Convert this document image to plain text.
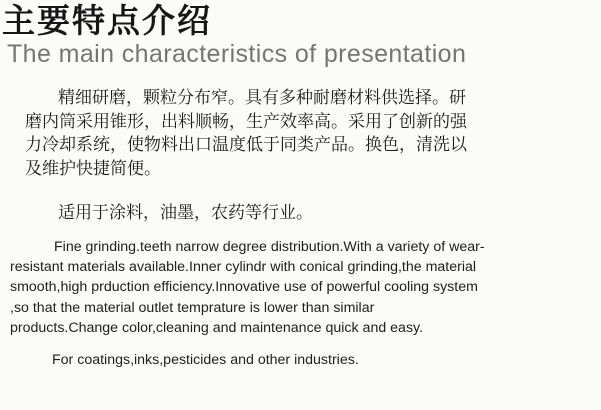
主要特点介绍
The main characteristics of presentation
精细研磨，颗粒分布窄。具有多种耐磨材料供选择。研
磨内筒采用锥形，出料顺畅，生产效率高。采用了创新的强
力冷却系统，使物料出口温度低于同类产品。换色，清洗以
及维护快捷简便。
适用于涂料，油墨，农药等行业。
Fine grinding.teeth narrow degree distribution.With a variety of wear-
resistant materials available.Inner cylindr with conical grinding,the material
smooth,high prduction efficiency.Innovative use of powerful cooling system
,so that the material outlet temprature is lower than similar
products.Change color,cleaning and maintenance quick and easy.
For coatings,inks,pesticides and other industries.
